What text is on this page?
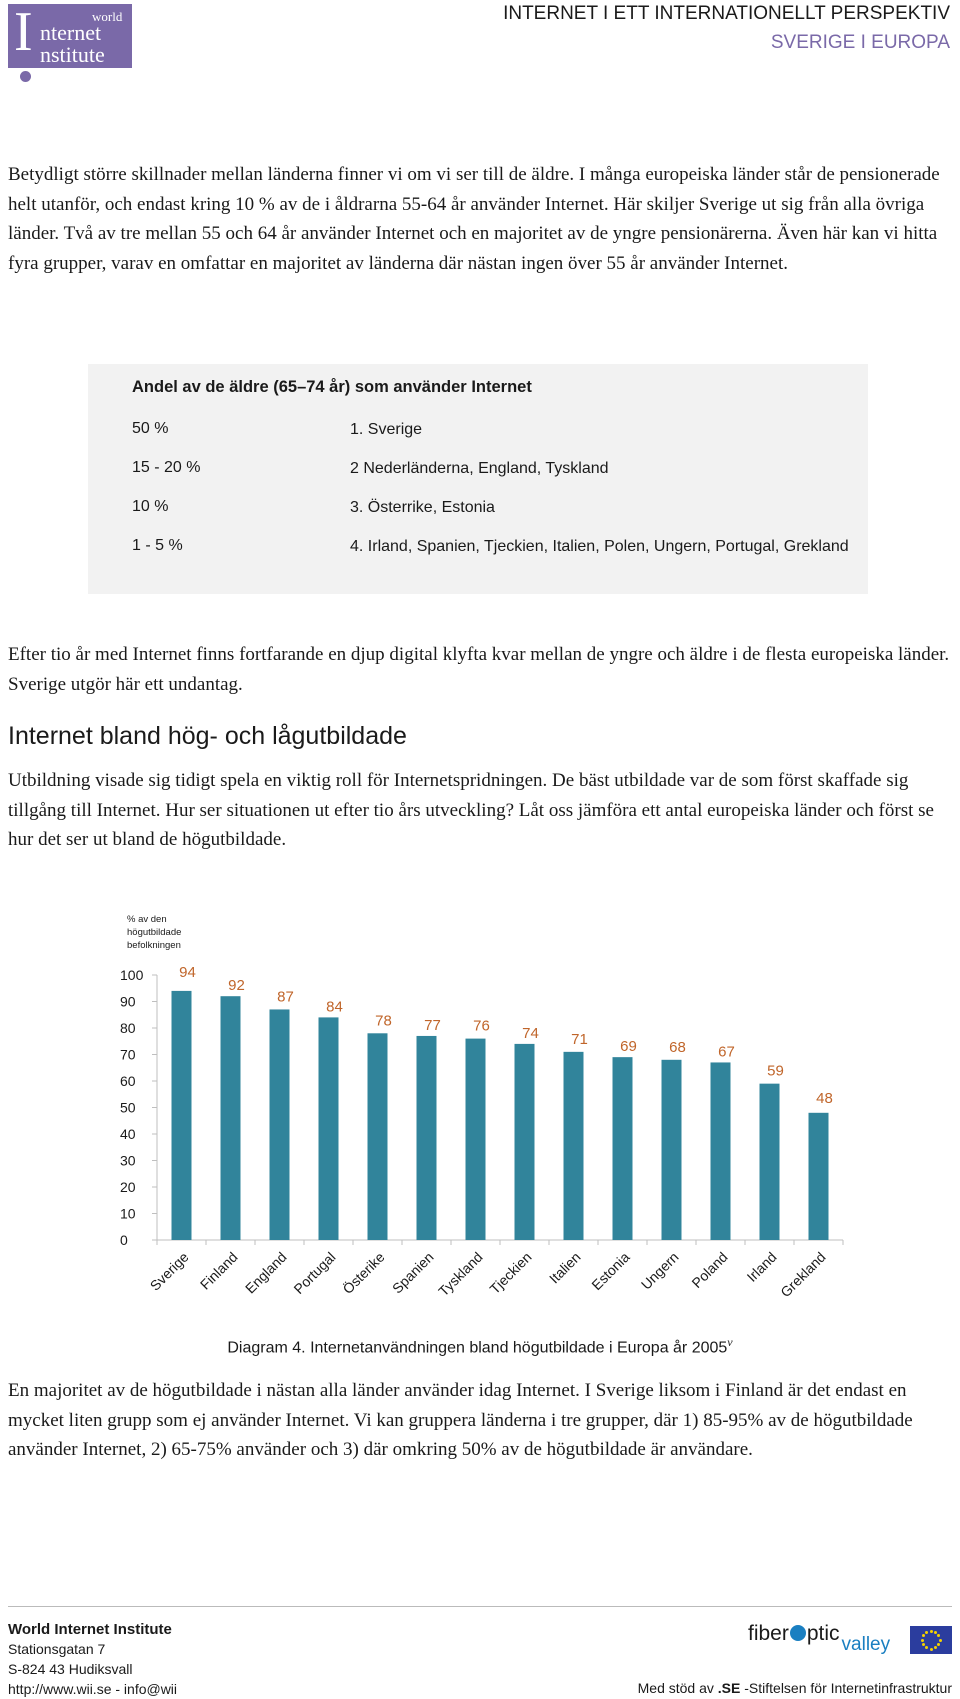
I	world
nternet
nstitute
INTERNET I ETT INTERNATIONELLT PERSPEKTIV
SVERIGE I EUROPA

Betydligt större skillnader mellan länderna finner vi om vi ser till de äldre. I många europeiska länder står de pensionerade helt utanför, och endast kring 10 % av de i åldrarna 55-64 år använder Internet. Här skiljer Sverige ut sig från alla övriga länder. Två av tre mellan 55 och 64 år använder Internet och en majoritet av de yngre pensionärerna. Även här kan vi hitta fyra grupper, varav en omfattar en majoritet av länderna där nästan ingen över 55 år använder Internet.

Andel av de äldre (65–74 år) som använder Internet
50 %	1. Sverige
15 - 20 %	2 Nederländerna, England, Tyskland
10 %	3. Österrike, Estonia
1 - 5 %	4. Irland, Spanien, Tjeckien, Italien, Polen, Ungern, Portugal, Grekland

Efter tio år med Internet finns fortfarande en djup digital klyfta kvar mellan de yngre och äldre i de flesta europeiska länder. Sverige utgör här ett undantag.

Internet bland hög- och lågutbildade

Utbildning visade sig tidigt spela en viktig roll för Internetspridningen. De bäst utbildade var de som först skaffade sig tillgång till Internet. Hur ser situationen ut efter tio års utveckling? Låt oss jämföra ett antal europeiska länder och först se hur det ser ut bland de högutbildade.

% av den
högutbildade
befolkningen
0
10
20
30
40
50
60
70
80
90
100 94
Sverige
92
Finland
87
England
84
Portugal
78
Österike
77
Spanien
76
Tyskland
74
Tjeckien
71
Italien
69
Estonia
68
Ungern
67
Poland
59
Irland
48
Grekland
Diagram 4. Internetanvändningen bland högutbildade i Europa år 2005$^v$

En majoritet av de högutbildade i nästan alla länder använder idag Internet. I Sverige liksom i Finland är det endast en mycket liten grupp som ej använder Internet. Vi kan gruppera länderna i tre grupper, där 1) 85-95% av de högutbildade använder Internet, 2) 65-75% använder och 3) där omkring 50% av de högutbildade är användare.

World Internet Institute
Stationsgatan 7
S-824 43 Hudiksvall
http://www.wii.se - info@wii
fiber ptic valley
Med stöd av .SE -Stiftelsen för Internetinfrastruktur
